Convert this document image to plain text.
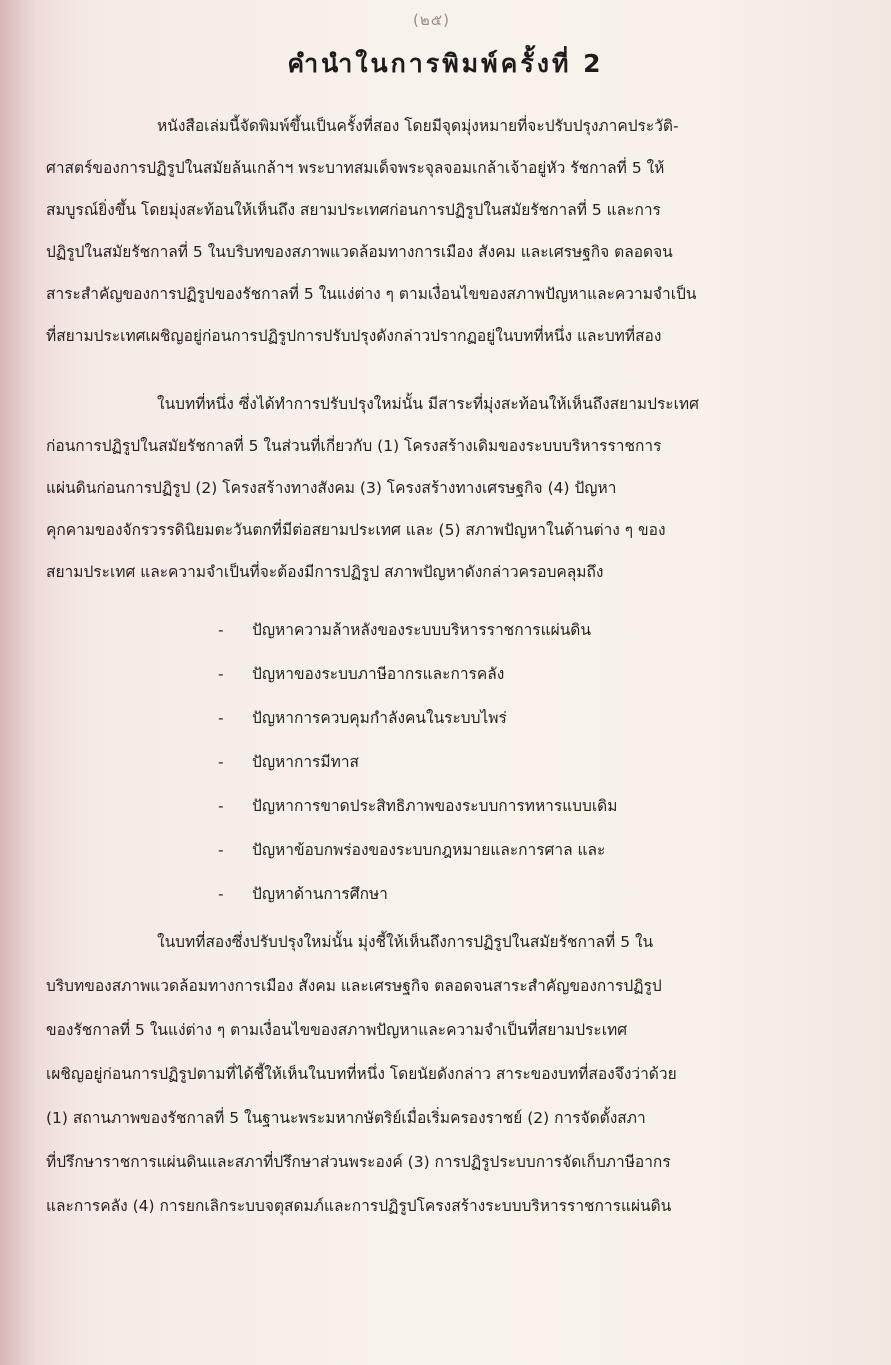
(๒๕)
คำนำในการพิมพ์ครั้งที่ 2
หนังสือเล่มนี้จัดพิมพ์ขึ้นเป็นครั้งที่สอง โดยมีจุดมุ่งหมายที่จะปรับปรุงภาคประวัติ-
ศาสตร์ของการปฏิรูปในสมัยล้นเกล้าฯ พระบาทสมเด็จพระจุลจอมเกล้าเจ้าอยู่หัว รัชกาลที่ 5 ให้
สมบูรณ์ยิ่งขึ้น โดยมุ่งสะท้อนให้เห็นถึง สยามประเทศก่อนการปฏิรูปในสมัยรัชกาลที่ 5 และการ
ปฏิรูปในสมัยรัชกาลที่ 5 ในบริบทของสภาพแวดล้อมทางการเมือง สังคม และเศรษฐกิจ ตลอดจน
สาระสำคัญของการปฏิรูปของรัชกาลที่ 5 ในแง่ต่าง ๆ ตามเงื่อนไขของสภาพปัญหาและความจำเป็น
ที่สยามประเทศเผชิญอยู่ก่อนการปฏิรูปการปรับปรุงดังกล่าวปรากฏอยู่ในบทที่หนึ่ง และบทที่สอง
ในบทที่หนึ่ง ซึ่งได้ทำการปรับปรุงใหม่นั้น มีสาระที่มุ่งสะท้อนให้เห็นถึงสยามประเทศ
ก่อนการปฏิรูปในสมัยรัชกาลที่ 5 ในส่วนที่เกี่ยวกับ (1) โครงสร้างเดิมของระบบบริหารราชการ
แผ่นดินก่อนการปฏิรูป (2) โครงสร้างทางสังคม (3) โครงสร้างทางเศรษฐกิจ (4) ปัญหา
คุกคามของจักรวรรดินิยมตะวันตกที่มีต่อสยามประเทศ และ (5) สภาพปัญหาในด้านต่าง ๆ ของ
สยามประเทศ และความจำเป็นที่จะต้องมีการปฏิรูป สภาพปัญหาดังกล่าวครอบคลุมถึง
- ปัญหาความล้าหลังของระบบบริหารราชการแผ่นดิน
- ปัญหาของระบบภาษีอากรและการคลัง
- ปัญหาการควบคุมกำลังคนในระบบไพร่
- ปัญหาการมีทาส
- ปัญหาการขาดประสิทธิภาพของระบบการทหารแบบเดิม
- ปัญหาข้อบกพร่องของระบบกฎหมายและการศาล และ
- ปัญหาด้านการศึกษา
ในบทที่สองซึ่งปรับปรุงใหม่นั้น มุ่งชี้ให้เห็นถึงการปฏิรูปในสมัยรัชกาลที่ 5 ใน
บริบทของสภาพแวดล้อมทางการเมือง สังคม และเศรษฐกิจ ตลอดจนสาระสำคัญของการปฏิรูป
ของรัชกาลที่ 5 ในแง่ต่าง ๆ ตามเงื่อนไขของสภาพปัญหาและความจำเป็นที่สยามประเทศ
เผชิญอยู่ก่อนการปฏิรูปตามที่ได้ชี้ให้เห็นในบทที่หนึ่ง โดยนัยดังกล่าว สาระของบทที่สองจึงว่าด้วย
(1) สถานภาพของรัชกาลที่ 5 ในฐานะพระมหากษัตริย์เมื่อเริ่มครองราชย์ (2) การจัดตั้งสภา
ที่ปรึกษาราชการแผ่นดินและสภาที่ปรึกษาส่วนพระองค์ (3) การปฏิรูประบบการจัดเก็บภาษีอากร
และการคลัง (4) การยกเลิกระบบจตุสดมภ์และการปฏิรูปโครงสร้างระบบบริหารราชการแผ่นดิน
